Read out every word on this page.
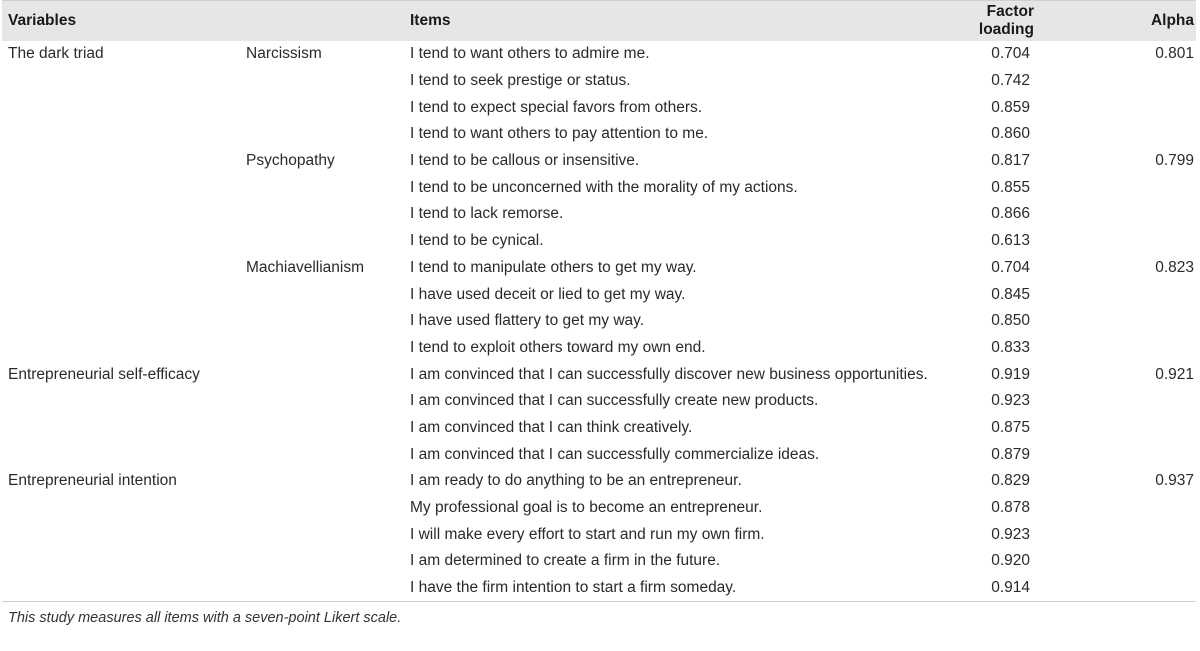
Variables		Items	Factor loading	Alpha
The dark triad	Narcissism	I tend to want others to admire me.	0.704	0.801
		I tend to seek prestige or status.	0.742	
		I tend to expect special favors from others.	0.859	
		I tend to want others to pay attention to me.	0.860	
	Psychopathy	I tend to be callous or insensitive.	0.817	0.799
		I tend to be unconcerned with the morality of my actions.	0.855	
		I tend to lack remorse.	0.866	
		I tend to be cynical.	0.613	
	Machiavellianism	I tend to manipulate others to get my way.	0.704	0.823
		I have used deceit or lied to get my way.	0.845	
		I have used flattery to get my way.	0.850	
		I tend to exploit others toward my own end.	0.833	
Entrepreneurial self-efficacy		I am convinced that I can successfully discover new business opportunities.	0.919	0.921
		I am convinced that I can successfully create new products.	0.923	
		I am convinced that I can think creatively.	0.875	
		I am convinced that I can successfully commercialize ideas.	0.879	
Entrepreneurial intention		I am ready to do anything to be an entrepreneur.	0.829	0.937
		My professional goal is to become an entrepreneur.	0.878	
		I will make every effort to start and run my own firm.	0.923	
		I am determined to create a firm in the future.	0.920	
		I have the firm intention to start a firm someday.	0.914	
This study measures all items with a seven-point Likert scale.
